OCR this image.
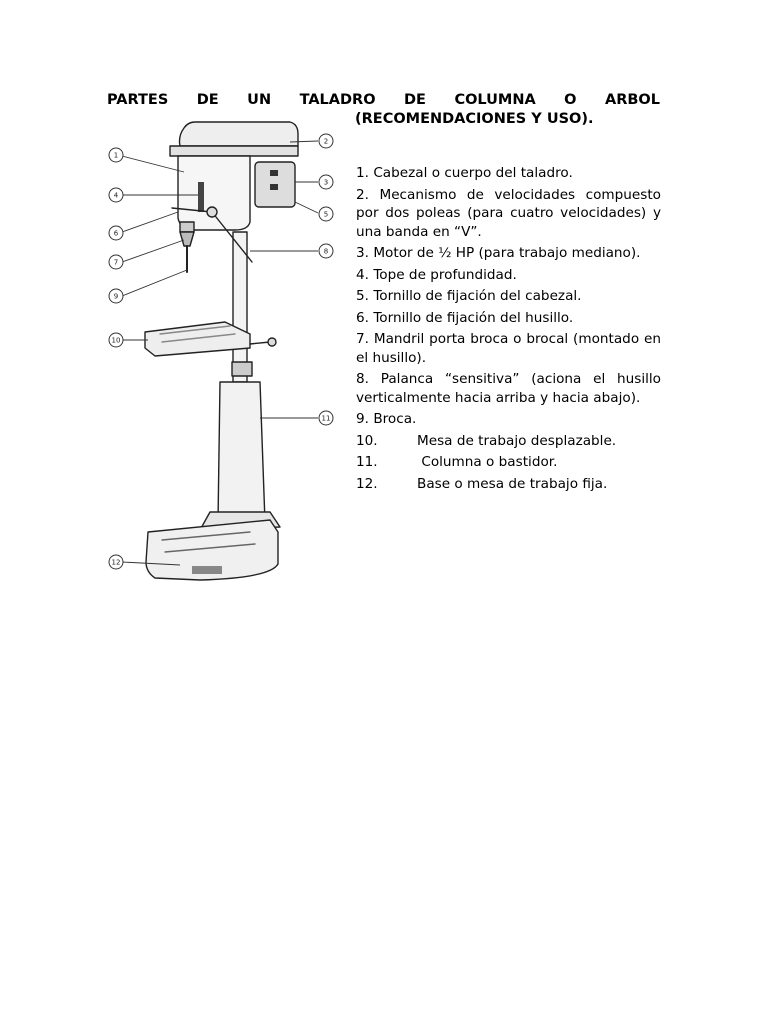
PARTES DE UN TALADRO DE COLUMNA O ARBOL
(RECOMENDACIONES Y USO).
1
2
3
4
5
6
7
8
9
10
11
12
1. Cabezal o cuerpo del taladro.
2. Mecanismo de velocidades compuesto por dos poleas (para cuatro velocidades) y una banda en “V”.
3. Motor de ½ HP (para trabajo mediano).
4. Tope de profundidad.
5. Tornillo de fijación del cabezal.
6. Tornillo de fijación del husillo.
7. Mandril porta broca o brocal (montado en el husillo).
8. Palanca “sensitiva” (aciona el husillo verticalmente hacia arriba y hacia abajo).
9. Broca.
10.	Mesa de trabajo desplazable.
11.	Columna o bastidor.
12.	Base o mesa de trabajo fija.
